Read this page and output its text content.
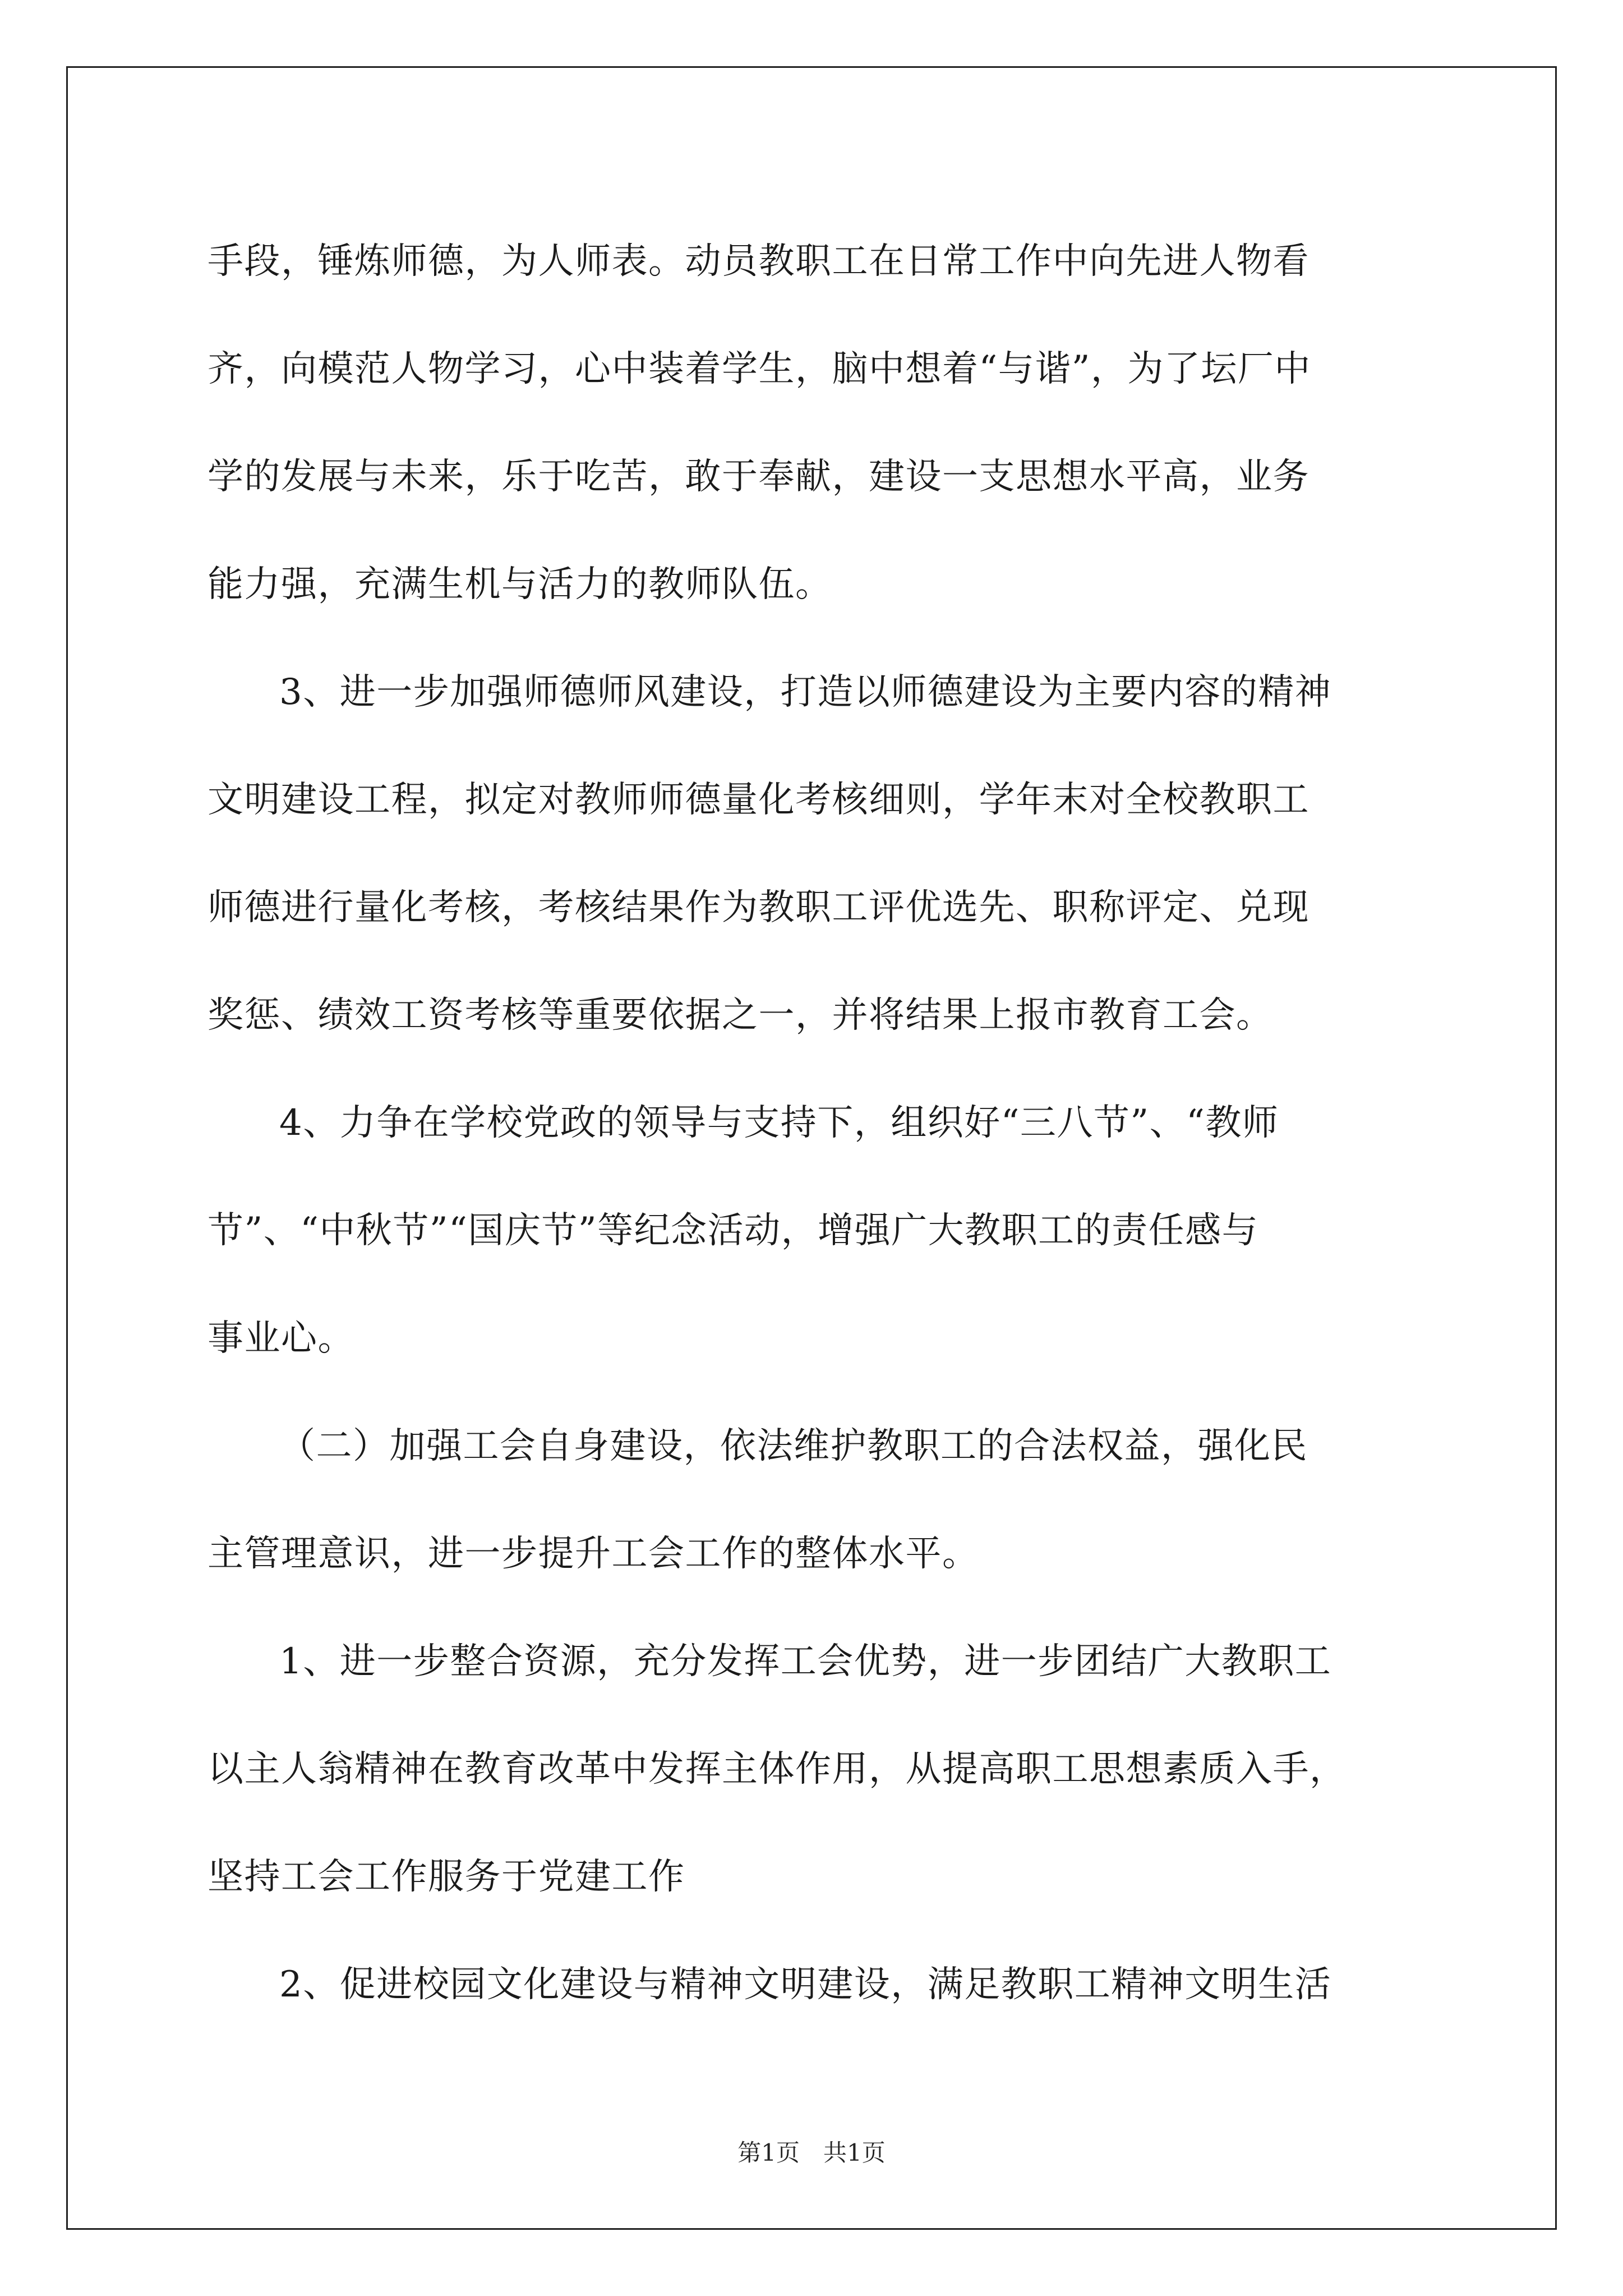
手段，锤炼师德，为人师表。动员教职工在日常工作中向先进人物看
齐，向模范人物学习，心中装着学生，脑中想着“与谐”，为了坛厂中
学的发展与未来，乐于吃苦，敢于奉献，建设一支思想水平高，业务
能力强，充满生机与活力的教师队伍。
3、进一步加强师德师风建设，打造以师德建设为主要内容的精神
文明建设工程，拟定对教师师德量化考核细则，学年末对全校教职工
师德进行量化考核，考核结果作为教职工评优选先、职称评定、兑现
奖惩、绩效工资考核等重要依据之一，并将结果上报市教育工会。
4、力争在学校党政的领导与支持下，组织好“三八节”、“教师
节”、“中秋节”“国庆节”等纪念活动，增强广大教职工的责任感与
事业心。
（二）加强工会自身建设，依法维护教职工的合法权益，强化民
主管理意识，进一步提升工会工作的整体水平。
1、进一步整合资源，充分发挥工会优势，进一步团结广大教职工
以主人翁精神在教育改革中发挥主体作用，从提高职工思想素质入手，
坚持工会工作服务于党建工作
2、促进校园文化建设与精神文明建设，满足教职工精神文明生活
第1页　共1页
